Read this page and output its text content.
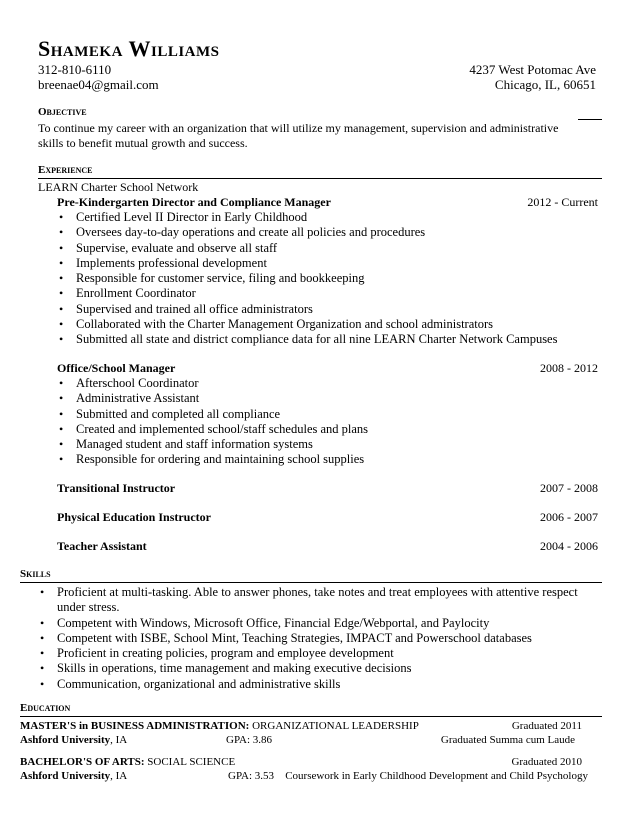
Shameka Williams
312-810-6110
breenae04@gmail.com
4237 West Potomac Ave
Chicago, IL, 60651
Objective
To continue my career with an organization that will utilize my management, supervision and administrative
skills to benefit mutual growth and success.
Experience
LEARN Charter School Network
Pre-Kindergarten Director and Compliance Manager	2012 - Current
• Certified Level II Director in Early Childhood
• Oversees day-to-day operations and create all policies and procedures
• Supervise, evaluate and observe all staff
• Implements professional development
• Responsible for customer service, filing and bookkeeping
• Enrollment Coordinator
• Supervised and trained all office administrators
• Collaborated with the Charter Management Organization and school administrators
• Submitted all state and district compliance data for all nine LEARN Charter Network Campuses
Office/School Manager	2008 - 2012
• Afterschool Coordinator
• Administrative Assistant
• Submitted and completed all compliance
• Created and implemented school/staff schedules and plans
• Managed student and staff information systems
• Responsible for ordering and maintaining school supplies
Transitional Instructor	2007 - 2008
Physical Education Instructor	2006 - 2007
Teacher Assistant	2004 - 2006
Skills
• Proficient at multi-tasking. Able to answer phones, take notes and treat employees with attentive respect
under stress.
• Competent with Windows, Microsoft Office, Financial Edge/Webportal, and Paylocity
• Competent with ISBE, School Mint, Teaching Strategies, IMPACT and Powerschool databases
• Proficient in creating policies, program and employee development
• Skills in operations, time management and making executive decisions
• Communication, organizational and administrative skills
Education
MASTER'S in BUSINESS ADMINISTRATION: ORGANIZATIONAL LEADERSHIP	Graduated 2011
Ashford University, IA	GPA: 3.86	Graduated Summa cum Laude
BACHELOR'S OF ARTS: SOCIAL SCIENCE	Graduated 2010
Ashford University, IA	GPA: 3.53 Coursework in Early Childhood Development and Child Psychology
